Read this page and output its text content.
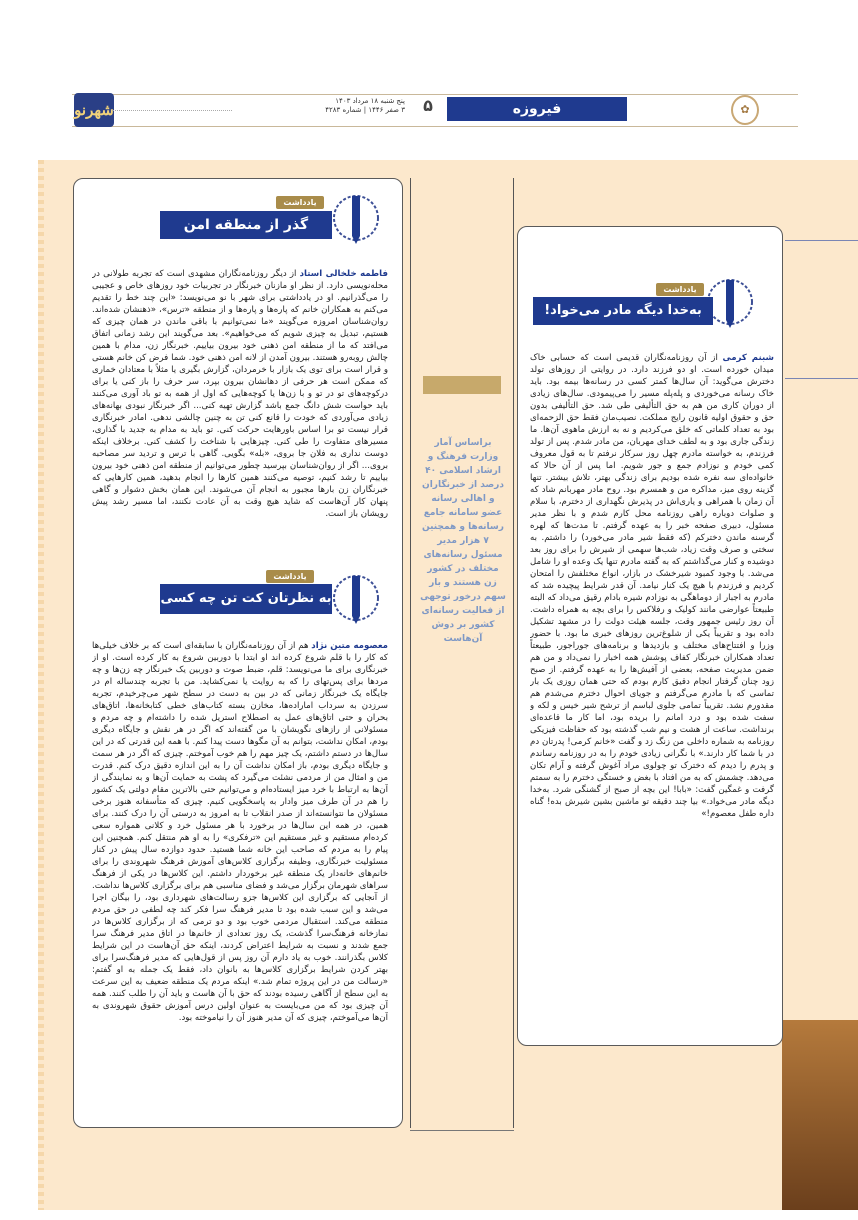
شهرنو	پنج شنبه ۱۸ مرداد ۱۴۰۳
۳ صفر ۱۴۴۶ | شماره ۴۲۸۳	۵	فیروزه	✿
یادداشت
گذر از منطقه امن

فاطمه خلخالی استاد از دیگر روزنامه‌نگاران مشهدی است که تجربه طولانی در محله‌نویسی دارد. از نظر او مازنان خبرنگار در تجربیات خود روزهای خاص و عجیبی را می‌گذرانیم. او در یادداشتی برای شهر با نو می‌نویسد: «این چند خط را تقدیم می‌کنم به همکاران خانم که پاره‌ها و پاره‌ها و از منطقه «ترس»، «ذهنشان شده‌اند. روان‌شناسان امروزه می‌گویند «ما نمی‌توانیم با باقی ماندن در همان چیزی که هستیم، تبدیل به چیزی شویم که می‌خواهیم». بعد می‌گویند این رشد زمانی اتفاق می‌افتد که ما از منطقه امن ذهنی خود بیرون بیاییم. خبرنگار زن، مدام با همین چالش روبه‌رو هستند. بیرون آمدن از لانه امن ذهنی خود. شما فرض کن خانم هستی و قرار است برای توی یک بازار با خرمردان، گزارش بگیری یا مثلاً با معتادان خماری که ممکن است هر حرفی از دهانشان بیرون بپرد، سر حرف را باز کنی یا برای درکوچه‌های تو در تو و با زن‌ها یا کوچه‌هایی که اول از همه به تو باد آوری می‌کنند باید حواست شش دانگ جمع باشد گزارش تهیه کنی... اگر خبرنگار نبودی بهانه‌های زیادی می‌آوردی که خودت را قانع کنی تن به چنین چالشی ندهی. امادر خبرنگاری قرار نیست تو برا اساس باورهایت حرکت کنی. تو باید به مدام به جدید با گذاری، مسیرهای متفاوت را طی کنی. چیزهایی با شناخت را کشف کنی. برخلاف اینکه دوست نداری به فلان جا بروی، «بله» بگویی. گاهی با ترس و تردید سر مصاحبه بروی... اگر از روان‌شناسان بپرسید چطور می‌توانیم از منطقه امن ذهنی خود بیرون بیاییم تا رشد کنیم، توصیه می‌کنند همین کارها را انجام بدهید، همین کارهایی که خبرنگاران زن بارها مجبور به انجام آن می‌شوند. این همان بخش دشوار و گاهی پنهان کار آن‌هاست که شاید هیچ وقت به آن عادت نکنند، اما مسیر رشد پیش رویشان باز است.

یادداشت
به نظرتان کت تن چه کسی است؟

معصومه متین نژاد هم از آن روزنامه‌نگاران با سابقه‌ای است که بر خلاف خیلی‌ها که کار را با قلم شروع کرده اند او ابتدا با دوربین شروع به کار کرده است. او از خبرنگاری برای ما می‌نویسد: قلم، ضبط صوت و دوربین یک خبرنگار چه زن‌ها و چه مردها برای پس‌تهای را که به روایت یا نمی‌کشاید. من با تجربه چندساله ام در جایگاه یک خبرنگار زمانی که در بین به دست در سطح شهر می‌چرخیدم، تجربه سرزدن به سرداب اماراده‌ها، مخازن بسته کتاب‌های خطی کتابخانه‌ها، اتاق‌های بحران و حتی اتاق‌های عمل به اصطلاح استریل شده را داشته‌ام و چه مردم و مسئولانی از رازهای نگویشان با من گفته‌اند که اگر در هر نقش و جایگاه دیگری بودم، امکان نداشت، بتوانم به آن مگوها دست پیدا کنم. با همه این قدرتی که در این سال‌ها در دستم داشتم، یک چیز مهم را هم خوب آموختم. چیزی که اگر در هر سمت و جایگاه دیگری بودم، باز امکان نداشت آن را به این اندازه دقیق درک کنم. قدرت من و امثال من از مردمی نشئت می‌گیرد که پشت به حمایت آن‌ها و به نمایندگی از آن‌ها به ارتباط با خرد میز ایستاده‌ام و می‌توانیم حتی بالاترین مقام دولتی یک کشور را هم در آن طرف میز وادار به پاسخگویی کنیم. چیزی که متأسفانه هنوز برخی مسئولان ما نتوانسته‌اند از صدر انقلاب تا به امروز به درستی آن را درک کنند. برای همین، در همه این سال‌ها در برخورد با هر مسئول خرد و کلانی همواره سعی کرده‌ام مستقیم و غیر مستقیم این «ترفکری» را به او هم منتقل کنم. همچنین این پیام را به مردم که صاحب این خانه شما هستید. حدود دوازده سال پیش در کنار مسئولیت خبرنگاری، وظیفه برگزاری کلاس‌های آموزش فرهنگ شهروندی را برای خانم‌های خانه‌دار یک منطقه غیر برخوردار داشتم. این کلاس‌ها در یکی از فرهنگ سراهای شهرمان برگزار می‌شد و فضای مناسبی هم برای برگزاری کلاس‌ها نداشت. از آنجایی که برگزاری این کلاس‌ها جزو رسالت‌های شهرداری بود، را بیگان اجرا می‌شد و این سبب شده بود تا مدیر فرهنگ سرا فکر کند چه لطفی در حق مردم منطقه می‌کند. استقبال مردمی خوب بود و دو ترمی که از برگزاری کلاس‌ها در نمازخانه فرهنگ‌سرا گذشت، یک روز تعدادی از خانم‌ها در اتاق مدیر فرهنگ سرا جمع شدند و نسبت به شرایط اعتراض کردند، اینکه حق آن‌هاست در این شرایط کلاس بگذرانند. خوب به یاد دارم آن روز پس از قول‌هایی که مدیر فرهنگ‌سرا برای بهتر کردن شرایط برگزاری کلاس‌ها به بانوان داد، فقط یک جمله به او گفتم: «رسالت من در این پروژه تمام شد.» اینکه مردم یک منطقه ضعیف به این سرعت به این سطح از آگاهی رسیده بودند که حق با آن هاست و باید آن را طلب کنند. همه آن چیزی بود که من می‌بایست به عنوان اولین درس آموزش حقوق شهروندی به آن‌ها می‌آموختم، چیزی که آن مدیر هنوز آن را نیاموخته بود.

براساس آمار وزارت فرهنگ و ارشاد اسلامی ۴۰ درصد از خبرنگاران و اهالی رسانه عضو سامانه جامع رسانه‌ها و همچنین ۷ هزار مدیر مسئول رسانه‌های مختلف در کشور زن هستند و بار سهم درخور توجهی از فعالیت رسانه‌ای کشور بر دوش آن‌هاست
یادداشت
به‌خدا دیگه مادر می‌خواد!

شبنم کرمی از آن روزنامه‌نگاران قدیمی است که حسابی خاک میدان خورده است. او دو فرزند دارد. در روایتی از روزهای تولد دخترش می‌گوید: آن سال‌ها کمتر کسی در رسانه‌ها بیمه بود. باید خاک رسانه می‌خوردی و پله‌پله مسیر را می‌پیمودی. سال‌های زیادی از دوران کاری من هم به حق التألیفی طی شد. حق التألیفی بدون حق و حقوق اولیه قانون رایج مملکت. نصیب‌مان فقط حق الزحمه‌ای بود به تعداد کلماتی که خلق می‌کردیم و نه به ارزش ماهوی آن‌ها. ما زندگی جاری بود و به لطف خدای مهربان، من مادر شدم. پس از تولد فرزندم، به خواسته مادرم چهل روز سرکار نرفتم تا به قول معروف کمی خودم و نوزادم جمع و جور شویم. اما پس از آن حالا که خانواده‌ای سه نفره شده بودیم برای زندگی بهتر، تلاش بیشتر. تنها گزینه روی میز، مداکره من و همسرم بود. روح مادر مهربانم شاد که آن زمان با همراهی و یاری‌اش در پذیرش نگهداری از دخترم، با سلام و صلوات دوباره راهی روزنامه محل کارم شدم و با نظر مدیر مسئول، دبیری صفحه خبر را به عهده گرفتم. تا مدت‌ها که لهره گرسنه ماندن دخترکم (که فقط شیر مادر می‌خورد) را داشتم. به سختی و صرف وقت زیاد، شب‌ها سهمی از شیرش را برای روز بعد دوشیده و کنار می‌گذاشتم که به گفته مادرم تنها یک وعده او را شامل می‌شد. با وجود کمبود شیرخشک در بازار، انواع مختلفش را امتحان کردیم و فرزندم با هیچ یک کنار نیامد. آن قدر شرایط پیچیده شد که مادرم به اجبار از دوماهگی به نوزادم شیره بادام رقیق می‌داد که البته طبیعتاً عوارضی مانند کولیک و رفلاکس را برای بچه به همراه داشت. آن روز رئیس جمهور وقت، جلسه هیئت دولت را در مشهد تشکیل داده بود و تقریباً یکی از شلوغ‌ترین روزهای خبری ما بود. با حضور وزرا و افتتاح‌های مختلف و بازدیدها و برنامه‌های جوراجور، طبیعتاً تعداد همکاران خبرنگار کفاف پوشش همه اخبار را نمی‌داد و من هم ضمن مدیریت صفحه، بعضی از آفیش‌ها را به عهده گرفتم. از صبح زود چنان گرفتار انجام دقیق کارم بودم که حتی همان روزی یک بار تماسی که با مادرم می‌گرفتم و جویای احوال دخترم می‌شدم هم مقدورم نشد. تقریباً تمامی جلوی لباسم از ترشح شیر خیس و لکه و سفت شده بود و درد امانم را بریده بود، اما کار ما قاعده‌ای برنداشت. ساعت از هشت و نیم شب گذشته بود که حفاظت فیزیکی روزنامه به شماره داخلی من زنگ زد و گفت «خانم کرمی! پدرتان دم در با شما کار دارند.» با نگرانی زیادی خودم را به در روزنامه رساندم و پدرم را دیدم که دخترک تو چولوی مراد آغوش گرفته و آرام تکان می‌دهد. چشمش که به من افتاد با بغض و خستگی دخترم را به سمتم گرفت و غمگین گفت: «بابا! این بچه از صبح از گشنگی شرد. به‌خدا دیگه مادر می‌خواد.» بیا چند دقیقه تو ماشین بشین شیرش بده! گناه داره طفل معصوم!»
